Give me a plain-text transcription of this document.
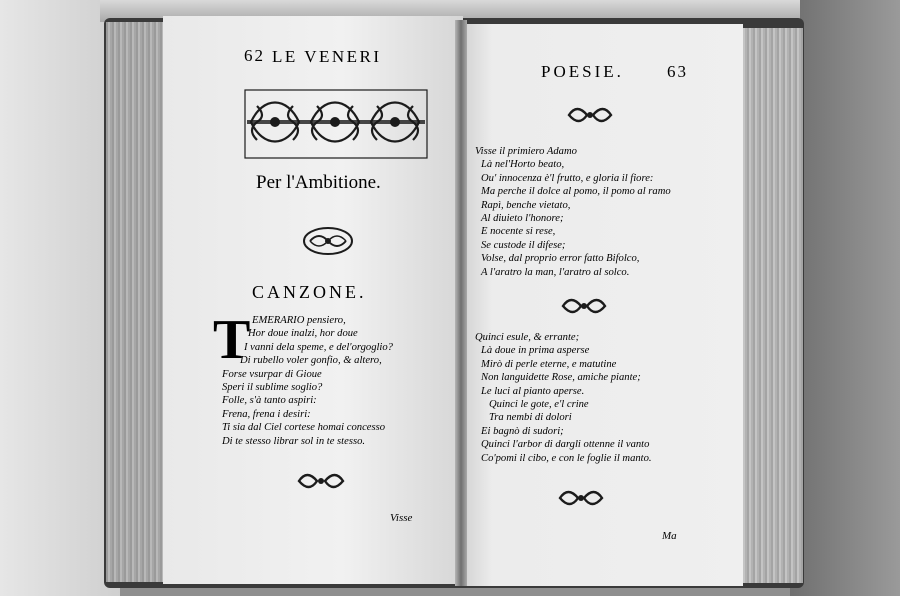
62 LE VENERI
Per l'Ambitione.
CANZONE.
T EMERARIO pensiero,
Hor doue inalzi, hor doue
I vanni dela speme, e del'orgoglio?
Di rubello voler gonfio, & altero,
Forse vsurpar di Gioue
Speri il sublime soglio?
Folle, s'à tanto aspiri:
Frena, frena i desiri:
Ti sia dal Ciel cortese homai concesso
Di te stesso librar sol in te stesso.
Visse
POESIE.	63
Visse il primiero Adamo
Là nel'Horto beato,
Ou' innocenza è'l frutto, e gloria il fiore:
Ma perche il dolce al pomo, il pomo al ramo
Rapì, benche vietato,
Al diuieto l'honore;
E nocente si rese,
Se custode il difese;
Volse, dal proprio error fatto Bifolco,
A l'aratro la man, l'aratro al solco.
Quinci esule, & errante;
Là doue in prima asperse
Mirò di perle eterne, e matutine
Non languidette Rose, amiche piante;
Le luci al pianto aperse.
Quinci le gote, e'l crine
Tra nembi di dolori
Ei bagnò di sudori;
Quinci l'arbor di dargli ottenne il vanto
Co'pomi il cibo, e con le foglie il manto.
Ma
